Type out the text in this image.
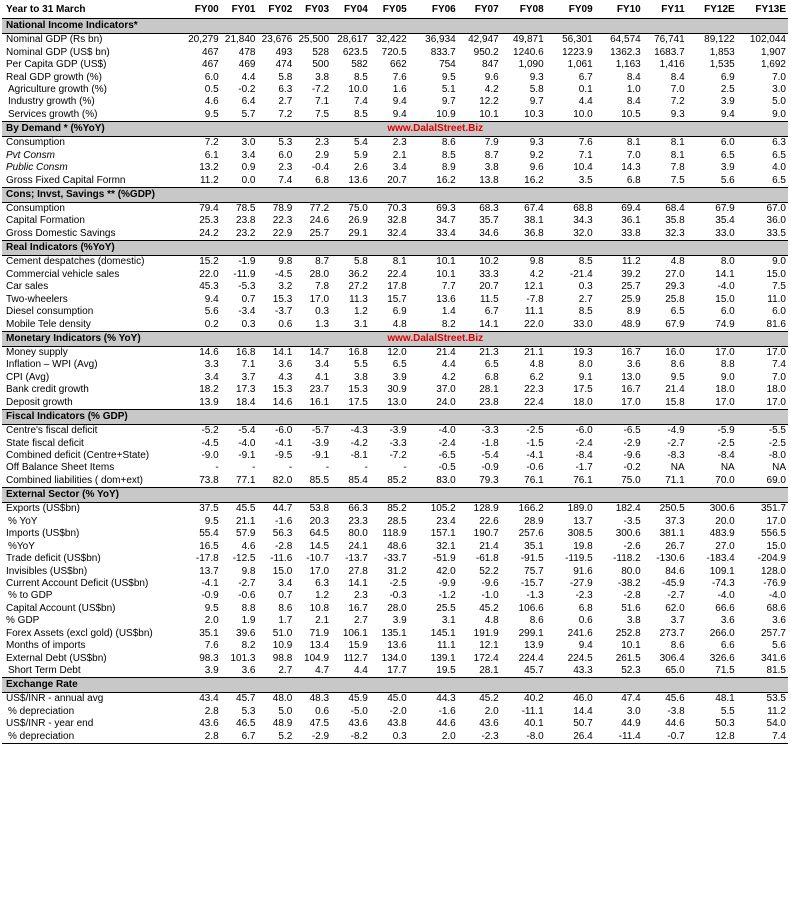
Year to 31 March	FY00	FY01	FY02	FY03	FY04	FY05	FY06	FY07	FY08	FY09	FY10	FY11	FY12E	FY13E
National Income Indicators*														
Nominal GDP (Rs bn)	20,279	21,840	23,676	25,500	28,617	32,422	36,934	42,947	49,871	56,301	64,574	76,741	89,122	102,044
Nominal GDP (US$ bn)	467	478	493	528	623.5	720.5	833.7	950.2	1240.6	1223.9	1362.3	1683.7	1,853	1,907
Per Capita GDP (US$)	467	469	474	500	582	662	754	847	1,090	1,061	1,163	1,416	1,535	1,692
Real GDP growth (%)	6.0	4.4	5.8	3.8	8.5	7.6	9.5	9.6	9.3	6.7	8.4	8.4	6.9	7.0
Agriculture growth (%)	0.5	-0.2	6.3	-7.2	10.0	1.6	5.1	4.2	5.8	0.1	1.0	7.0	2.5	3.0
Industry growth (%)	4.6	6.4	2.7	7.1	7.4	9.4	9.7	12.2	9.7	4.4	8.4	7.2	3.9	5.0
Services growth (%)	9.5	5.7	7.2	7.5	8.5	9.4	10.9	10.1	10.3	10.0	10.5	9.3	9.4	9.0
By Demand * (%YoY)						www.DalalStreet.Biz								
Consumption	7.2	3.0	5.3	2.3	5.4	2.3	8.6	7.9	9.3	7.6	8.1	8.1	6.0	6.3
Pvt Consm	6.1	3.4	6.0	2.9	5.9	2.1	8.5	8.7	9.2	7.1	7.0	8.1	6.5	6.5
Public Consm	13.2	0.9	2.3	-0.4	2.6	3.4	8.9	3.8	9.6	10.4	14.3	7.8	3.9	4.0
Gross Fixed Capital Formn	11.2	0.0	7.4	6.8	13.6	20.7	16.2	13.8	16.2	3.5	6.8	7.5	5.6	6.5
Cons; Invst, Savings ** (%GDP)														
Consumption	79.4	78.5	78.9	77.2	75.0	70.3	69.3	68.3	67.4	68.8	69.4	68.4	67.9	67.0
Capital Formation	25.3	23.8	22.3	24.6	26.9	32.8	34.7	35.7	38.1	34.3	36.1	35.8	35.4	36.0
Gross Domestic Savings	24.2	23.2	22.9	25.7	29.1	32.4	33.4	34.6	36.8	32.0	33.8	32.3	33.0	33.5
Real Indicators (%YoY)														
Cement despatches (domestic)	15.2	-1.9	9.8	8.7	5.8	8.1	10.1	10.2	9.8	8.5	11.2	4.8	8.0	9.0
Commercial vehicle sales	22.0	-11.9	-4.5	28.0	36.2	22.4	10.1	33.3	4.2	-21.4	39.2	27.0	14.1	15.0
Car sales	45.3	-5.3	3.2	7.8	27.2	17.8	7.7	20.7	12.1	0.3	25.7	29.3	-4.0	7.5
Two-wheelers	9.4	0.7	15.3	17.0	11.3	15.7	13.6	11.5	-7.8	2.7	25.9	25.8	15.0	11.0
Diesel consumption	5.6	-3.4	-3.7	0.3	1.2	6.9	1.4	6.7	11.1	8.5	8.9	6.5	6.0	6.0
Mobile Tele density	0.2	0.3	0.6	1.3	3.1	4.8	8.2	14.1	22.0	33.0	48.9	67.9	74.9	81.6
Monetary Indicators (% YoY)						www.DalalStreet.Biz								
Money supply	14.6	16.8	14.1	14.7	16.8	12.0	21.4	21.3	21.1	19.3	16.7	16.0	17.0	17.0
Inflation – WPI (Avg)	3.3	7.1	3.6	3.4	5.5	6.5	4.4	6.5	4.8	8.0	3.6	8.6	8.8	7.4
CPI (Avg)	3.4	3.7	4.3	4.1	3.8	3.9	4.2	6.8	6.2	9.1	13.0	9.5	9.0	7.0
Bank credit growth	18.2	17.3	15.3	23.7	15.3	30.9	37.0	28.1	22.3	17.5	16.7	21.4	18.0	18.0
Deposit growth	13.9	18.4	14.6	16.1	17.5	13.0	24.0	23.8	22.4	18.0	17.0	15.8	17.0	17.0
Fiscal Indicators (% GDP)														
Centre's fiscal deficit	-5.2	-5.4	-6.0	-5.7	-4.3	-3.9	-4.0	-3.3	-2.5	-6.0	-6.5	-4.9	-5.9	-5.5
State fiscal deficit	-4.5	-4.0	-4.1	-3.9	-4.2	-3.3	-2.4	-1.8	-1.5	-2.4	-2.9	-2.7	-2.5	-2.5
Combined deficit (Centre+State)	-9.0	-9.1	-9.5	-9.1	-8.1	-7.2	-6.5	-5.4	-4.1	-8.4	-9.6	-8.3	-8.4	-8.0
Off Balance Sheet Items	-	-	-	-	-	-	-0.5	-0.9	-0.6	-1.7	-0.2	NA	NA	NA
Combined liabilities ( dom+ext)	73.8	77.1	82.0	85.5	85.4	85.2	83.0	79.3	76.1	76.1	75.0	71.1	70.0	69.0
External Sector (% YoY)														
Exports (US$bn)	37.5	45.5	44.7	53.8	66.3	85.2	105.2	128.9	166.2	189.0	182.4	250.5	300.6	351.7
% YoY	9.5	21.1	-1.6	20.3	23.3	28.5	23.4	22.6	28.9	13.7	-3.5	37.3	20.0	17.0
Imports (US$bn)	55.4	57.9	56.3	64.5	80.0	118.9	157.1	190.7	257.6	308.5	300.6	381.1	483.9	556.5
%YoY	16.5	4.6	-2.8	14.5	24.1	48.6	32.1	21.4	35.1	19.8	-2.6	26.7	27.0	15.0
Trade deficit (US$bn)	-17.8	-12.5	-11.6	-10.7	-13.7	-33.7	-51.9	-61.8	-91.5	-119.5	-118.2	-130.6	-183.4	-204.9
Invisibles (US$bn)	13.7	9.8	15.0	17.0	27.8	31.2	42.0	52.2	75.7	91.6	80.0	84.6	109.1	128.0
Current Account Deficit (US$bn)	-4.1	-2.7	3.4	6.3	14.1	-2.5	-9.9	-9.6	-15.7	-27.9	-38.2	-45.9	-74.3	-76.9
% to GDP	-0.9	-0.6	0.7	1.2	2.3	-0.3	-1.2	-1.0	-1.3	-2.3	-2.8	-2.7	-4.0	-4.0
Capital Account (US$bn)	9.5	8.8	8.6	10.8	16.7	28.0	25.5	45.2	106.6	6.8	51.6	62.0	66.6	68.6
% GDP	2.0	1.9	1.7	2.1	2.7	3.9	3.1	4.8	8.6	0.6	3.8	3.7	3.6	3.6
Forex Assets (excl gold) (US$bn)	35.1	39.6	51.0	71.9	106.1	135.1	145.1	191.9	299.1	241.6	252.8	273.7	266.0	257.7
Months of imports	7.6	8.2	10.9	13.4	15.9	13.6	11.1	12.1	13.9	9.4	10.1	8.6	6.6	5.6
External Debt (US$bn)	98.3	101.3	98.8	104.9	112.7	134.0	139.1	172.4	224.4	224.5	261.5	306.4	326.6	341.6
Short Term Debt	3.9	3.6	2.7	4.7	4.4	17.7	19.5	28.1	45.7	43.3	52.3	65.0	71.5	81.5
Exchange Rate														
US$/INR - annual avg	43.4	45.7	48.0	48.3	45.9	45.0	44.3	45.2	40.2	46.0	47.4	45.6	48.1	53.5
% depreciation	2.8	5.3	5.0	0.6	-5.0	-2.0	-1.6	2.0	-11.1	14.4	3.0	-3.8	5.5	11.2
US$/INR - year end	43.6	46.5	48.9	47.5	43.6	43.8	44.6	43.6	40.1	50.7	44.9	44.6	50.3	54.0
% depreciation	2.8	6.7	5.2	-2.9	-8.2	0.3	2.0	-2.3	-8.0	26.4	-11.4	-0.7	12.8	7.4
